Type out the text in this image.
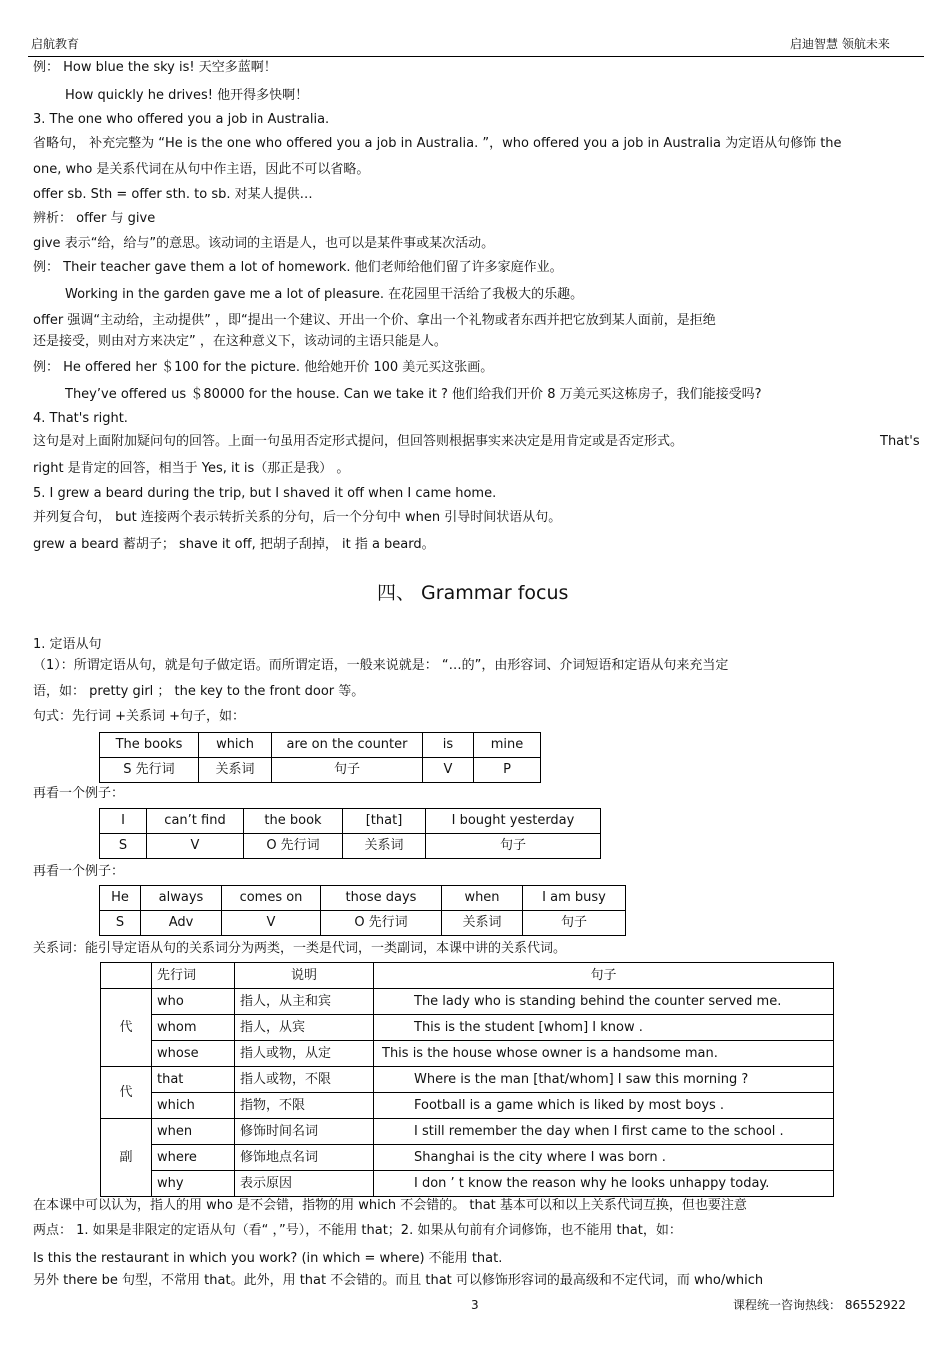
启航教育	启迪智慧 领航未来
例： How blue the sky is! 天空多蓝啊！
How quickly he drives! 他开得多快啊！
3. The one who offered you a job in Australia.
省略句， 补充完整为 “He is the one who offered you a job in Australia. ”，who offered you a job in Australia 为定语从句修饰 the
one, who 是关系代词在从句中作主语，因此不可以省略。
offer sb. Sth = offer sth. to sb. 对某人提供…
辨析： offer 与 give
give 表示“给，给与”的意思。该动词的主语是人，也可以是某件事或某次活动。
例： Their teacher gave them a lot of homework. 他们老师给他们留了许多家庭作业。
Working in the garden gave me a lot of pleasure. 在花园里干活给了我极大的乐趣。
offer 强调“主动给，主动提供” ，即“提出一个建议、开出一个价、拿出一个礼物或者东西并把它放到某人面前，是拒绝
还是接受，则由对方来决定” ，在这种意义下，该动词的主语只能是人。
例： He offered her ＄100 for the picture. 他给她开价 100 美元买这张画。
They’ve offered us ＄80000 for the house. Can we take it ? 他们给我们开价 8 万美元买这栋房子，我们能接受吗?
4. That's right.
这句是对上面附加疑问句的回答。上面一句虽用否定形式提问，但回答则根据事实来决定是用肯定或是否定形式。	That's
right 是肯定的回答，相当于 Yes, it is（那正是我） 。
5. I grew a beard during the trip, but I shaved it off when I came home.
并列复合句， but 连接两个表示转折关系的分句，后一个分句中 when 引导时间状语从句。
grew a beard 蓄胡子； shave it off, 把胡子刮掉， it 指 a beard。
四、 Grammar focus
1. 定语从句
（1）：所谓定语从句，就是句子做定语。而所谓定语，一般来说就是： “…的”，由形容词、介词短语和定语从句来充当定
语，如： pretty girl ； the key to the front door 等。
句式：先行词 +关系词 +句子，如：
The books	which	are on the counter	is	mine
S 先行词	关系词	句子	V	P
再看一个例子：
I	can’t find	the book	[that]	I bought yesterday
S	V	O 先行词	关系词	句子
再看一个例子：
He	always	comes on	those days	when	I am busy
S	Adv	V	O 先行词	关系词	句子
关系词：能引导定语从句的关系词分为两类，一类是代词，一类副词，本课中讲的关系代词。
	先行词	说明	句子
代	who	指人，从主和宾	The lady who is standing behind the counter served me.
	whom	指人，从宾	This is the student [whom] I know .
	whose	指人或物，从定	This is the house whose owner is a handsome man.
代	that	指人或物，不限	Where is the man [that/whom] I saw this morning ?
	which	指物，不限	Football is a game which is liked by most boys .
副	when	修饰时间名词	I still remember the day when I first came to the school .
	where	修饰地点名词	Shanghai is the city where I was born .
	why	表示原因	I don ’ t know the reason why he looks unhappy today.
在本课中可以认为，指人的用 who 是不会错，指物的用 which 不会错的。 that 基本可以和以上关系代词互换，但也要注意
两点： 1. 如果是非限定的定语从句（看“ ，”号），不能用 that；2. 如果从句前有介词修饰，也不能用 that，如：
Is this the restaurant in which you work? (in which = where) 不能用 that.
另外 there be 句型，不常用 that。此外，用 that 不会错的。而且 that 可以修饰形容词的最高级和不定代词，而 who/which
3	课程统一咨询热线： 86552922
